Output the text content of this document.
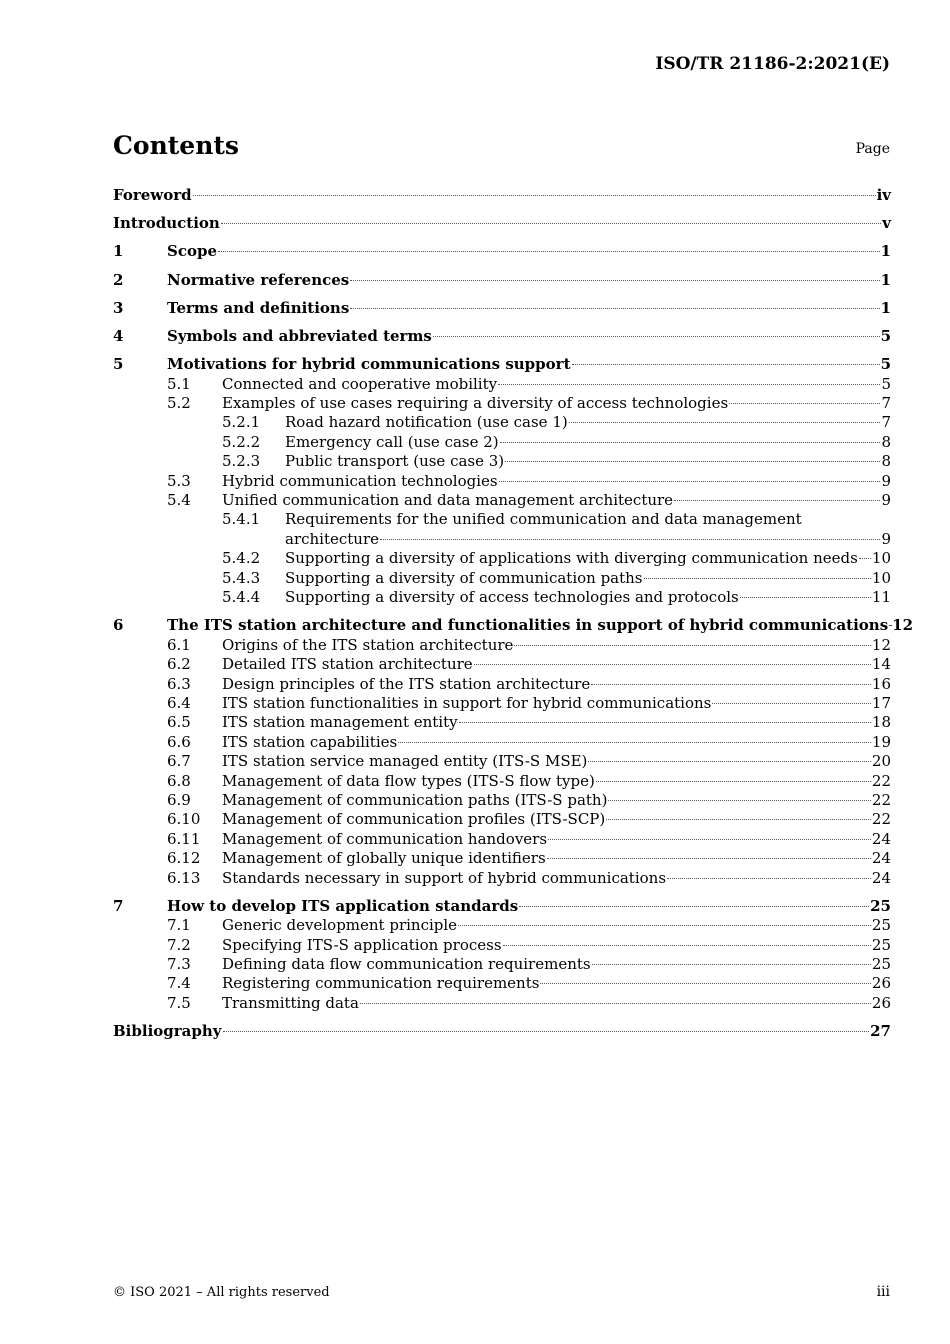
ISO/TR 21186-2:2021(E)
Contents	Page
Foreword	iv
Introduction	v
1	Scope	1
2	Normative references	1
3	Terms and definitions	1
4	Symbols and abbreviated terms	5
5	Motivations for hybrid communications support	5
5.1	Connected and cooperative mobility	5
5.2	Examples of use cases requiring a diversity of access technologies	7
5.2.1	Road hazard notification (use case 1)	7
5.2.2	Emergency call (use case 2)	8
5.2.3	Public transport (use case 3)	8
5.3	Hybrid communication technologies	9
5.4	Unified communication and data management architecture	9
5.4.1	Requirements for the unified communication and data management
architecture	9
5.4.2	Supporting a diversity of applications with diverging communication needs 10
5.4.3	Supporting a diversity of communication paths	10
5.4.4	Supporting a diversity of access technologies and protocols	11
6	The ITS station architecture and functionalities in support of hybrid communications 12
6.1	Origins of the ITS station architecture	12
6.2	Detailed ITS station architecture	14
6.3	Design principles of the ITS station architecture	16
6.4	ITS station functionalities in support for hybrid communications	17
6.5	ITS station management entity	18
6.6	ITS station capabilities	19
6.7	ITS station service managed entity (ITS-S MSE)	20
6.8	Management of data flow types (ITS-S flow type)	22
6.9	Management of communication paths (ITS-S path)	22
6.10	Management of communication profiles (ITS-SCP)	22
6.11	Management of communication handovers	24
6.12	Management of globally unique identifiers	24
6.13	Standards necessary in support of hybrid communications	24
7	How to develop ITS application standards	25
7.1	Generic development principle	25
7.2	Specifying ITS-S application process	25
7.3	Defining data flow communication requirements	25
7.4	Registering communication requirements	26
7.5	Transmitting data	26
Bibliography	27
© ISO 2021 – All rights reserved	iii
